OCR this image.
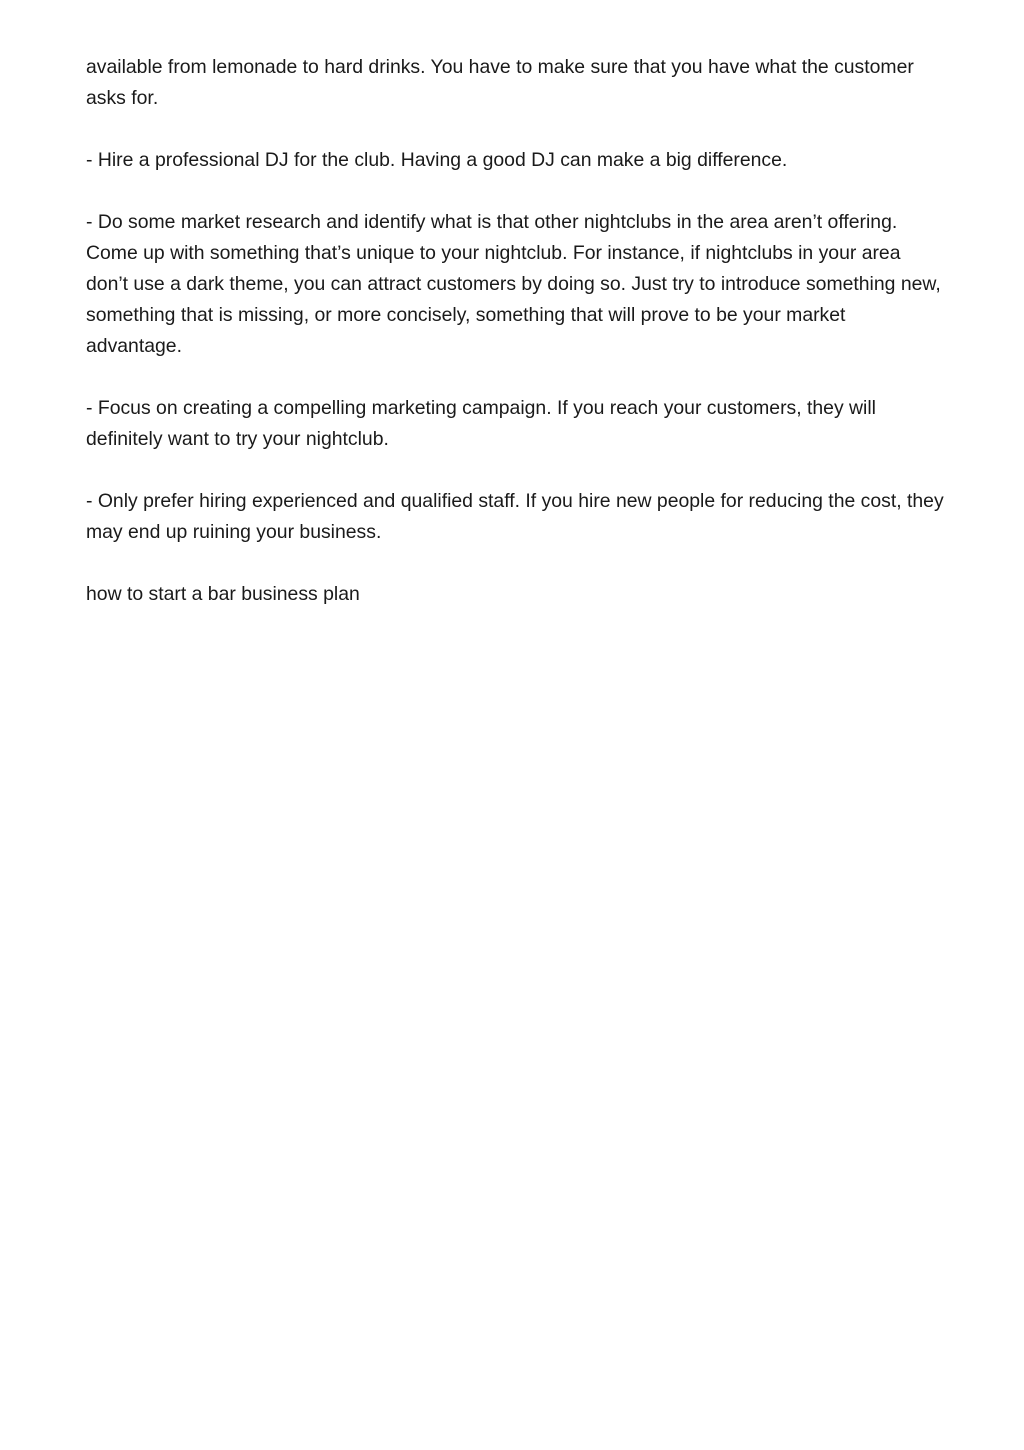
available from lemonade to hard drinks. You have to make sure that you have what the customer asks for.

- Hire a professional DJ for the club. Having a good DJ can make a big difference.

- Do some market research and identify what is that other nightclubs in the area aren’t offering. Come up with something that’s unique to your nightclub. For instance, if nightclubs in your area don’t use a dark theme, you can attract customers by doing so. Just try to introduce something new, something that is missing, or more concisely, something that will prove to be your market advantage.

- Focus on creating a compelling marketing campaign. If you reach your customers, they will definitely want to try your nightclub.

- Only prefer hiring experienced and qualified staff. If you hire new people for reducing the cost, they may end up ruining your business.

how to start a bar business plan
